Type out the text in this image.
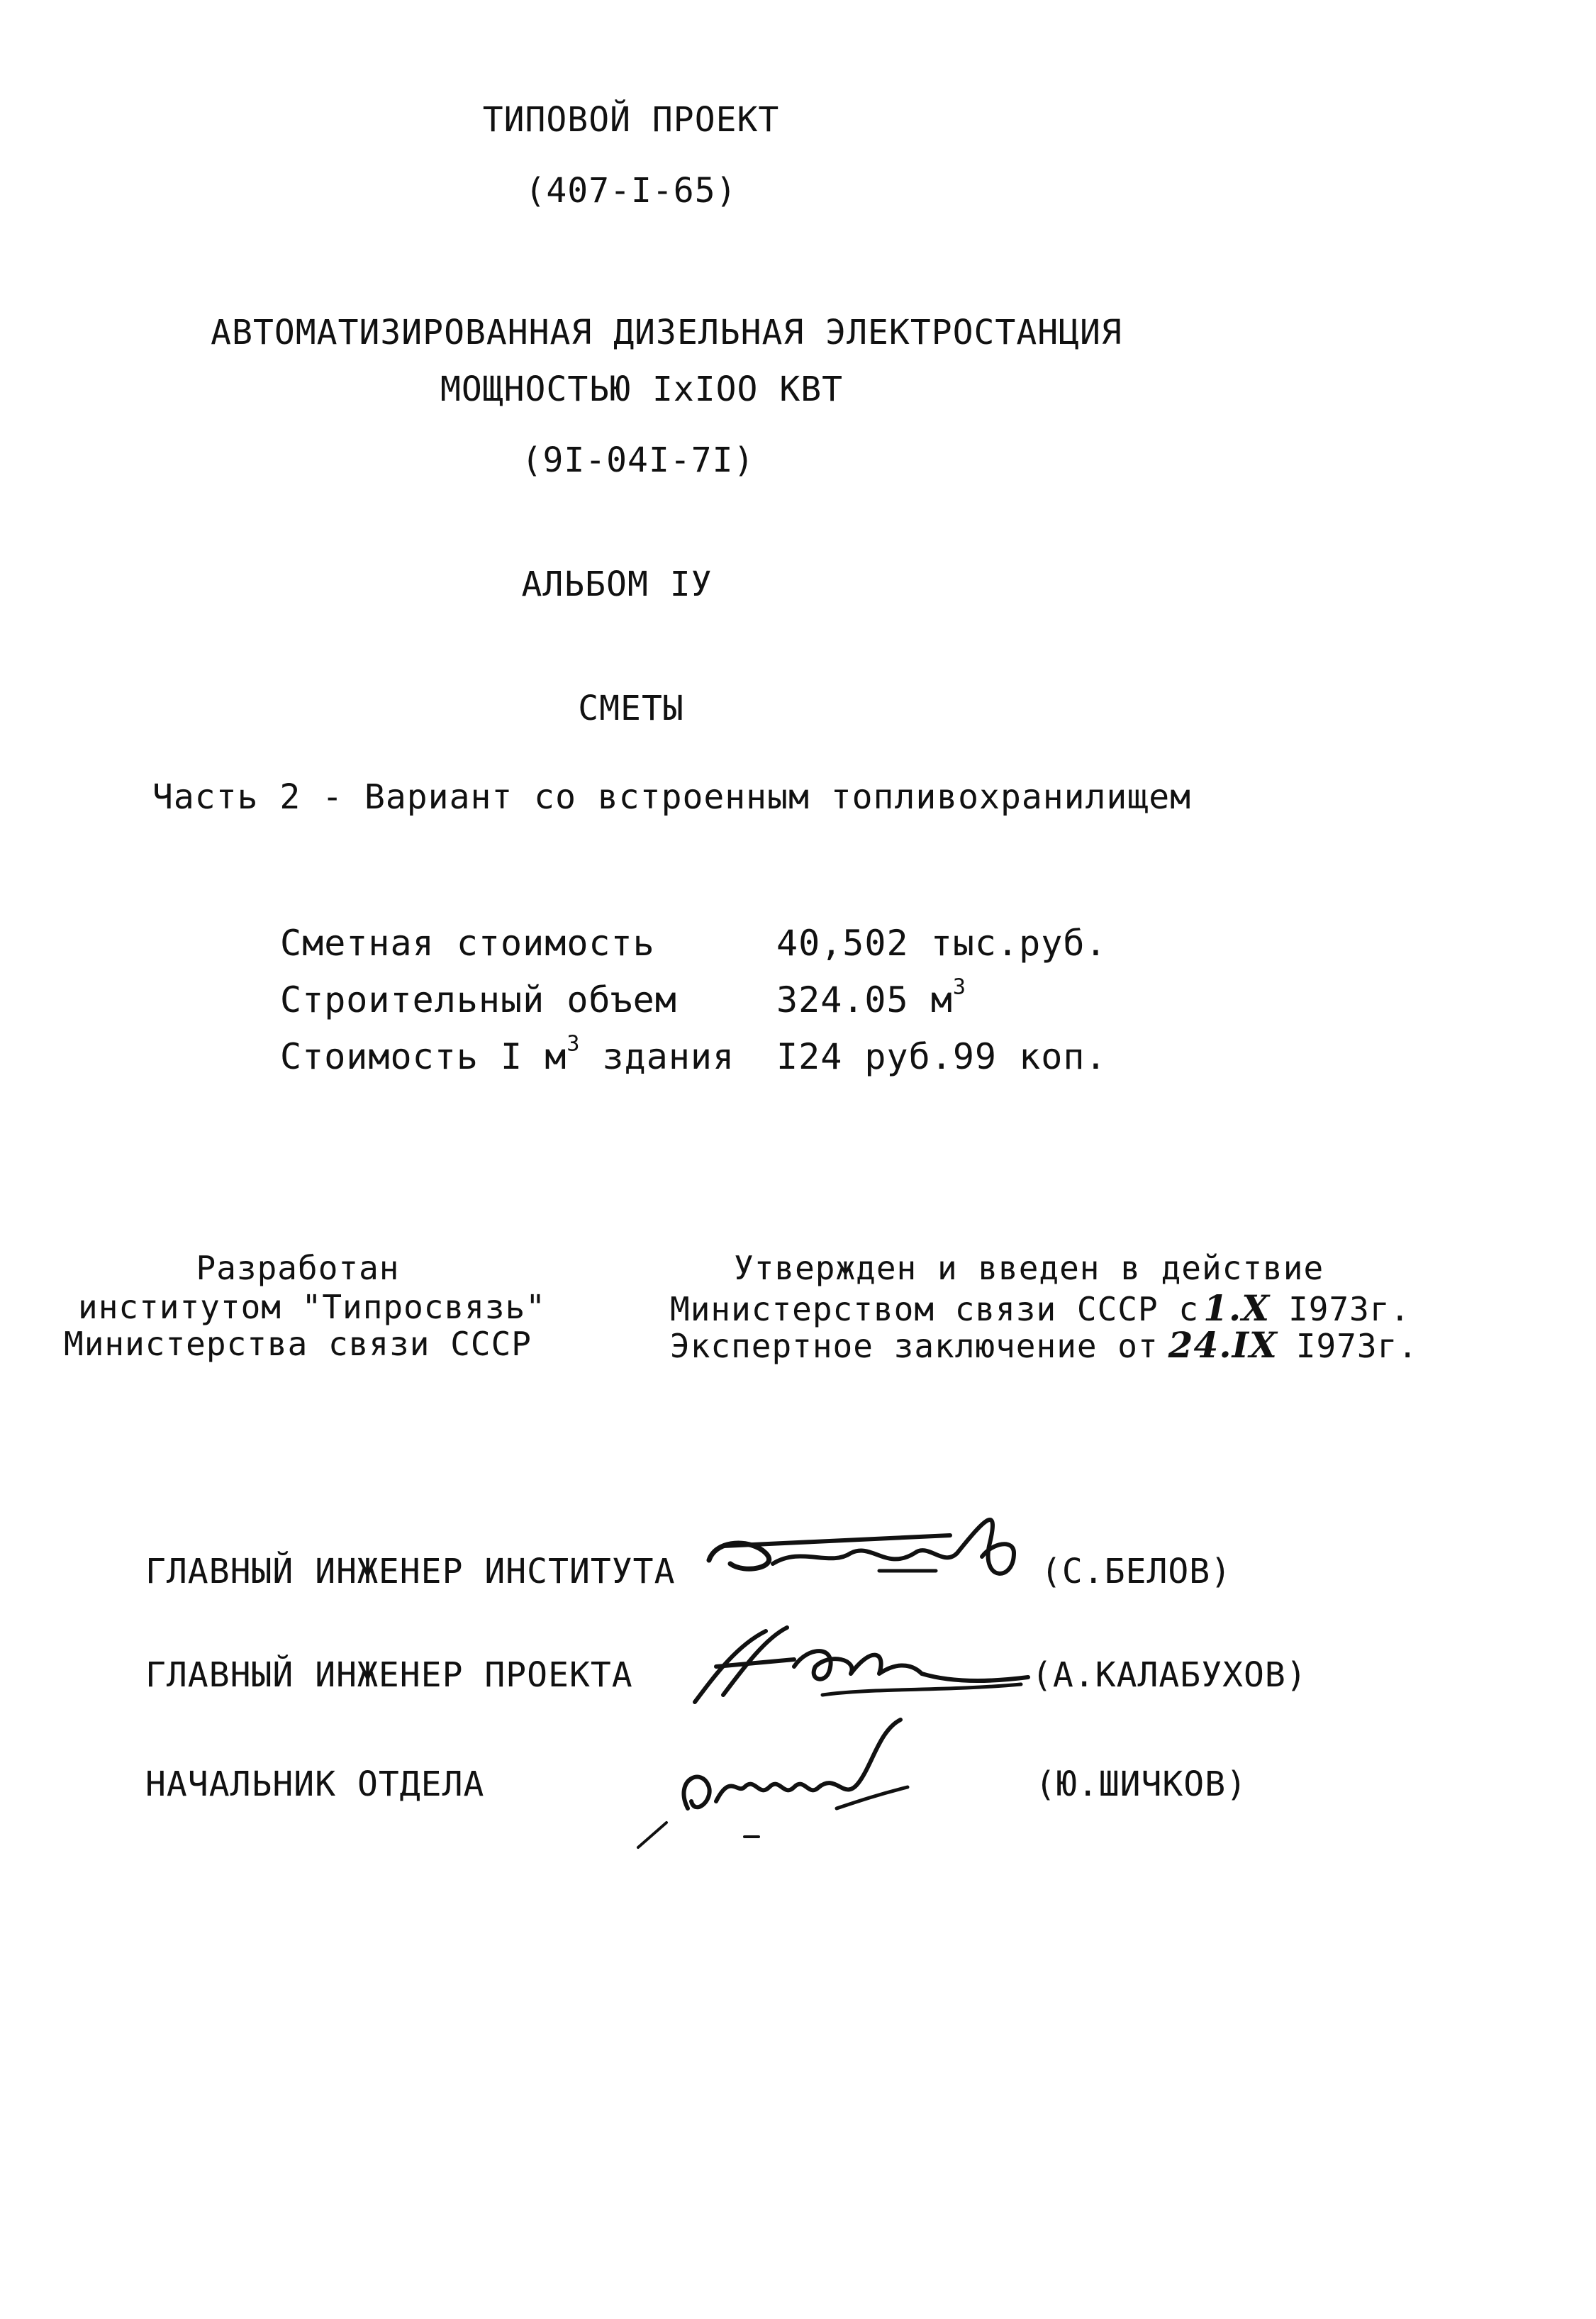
ТИПОВОЙ ПРОЕКТ
(407-I-65)
АВТОМАТИЗИРОВАННАЯ ДИЗЕЛЬНАЯ ЭЛЕКТРОСТАНЦИЯ
МОЩНОСТЬЮ IxIOO КВТ
(9I-04I-7I)
АЛЬБОМ IУ
СМЕТЫ
Часть 2 - Вариант со встроенным топливохранилищем
Сметная стоимость	40,502 тыс.руб.
Строительный объем	324.05 $м^3$
Стоимость I $м^3$ здания I24 руб.99 коп.
Разработан
институтом "Типросвязь"
Министерства связи СССР
Утвержден и введен в действие
Министерством связи СССР с 1.X I973г.
Экспертное заключение от 24.IX I973г.
ГЛАВНЫЙ ИНЖЕНЕР ИНСТИТУТА	(С.БЕЛОВ)
ГЛАВНЫЙ ИНЖЕНЕР ПРОЕКТА	(А.КАЛАБУХОВ)
НАЧАЛЬНИК ОТДЕЛА	(Ю.ШИЧКОВ)
